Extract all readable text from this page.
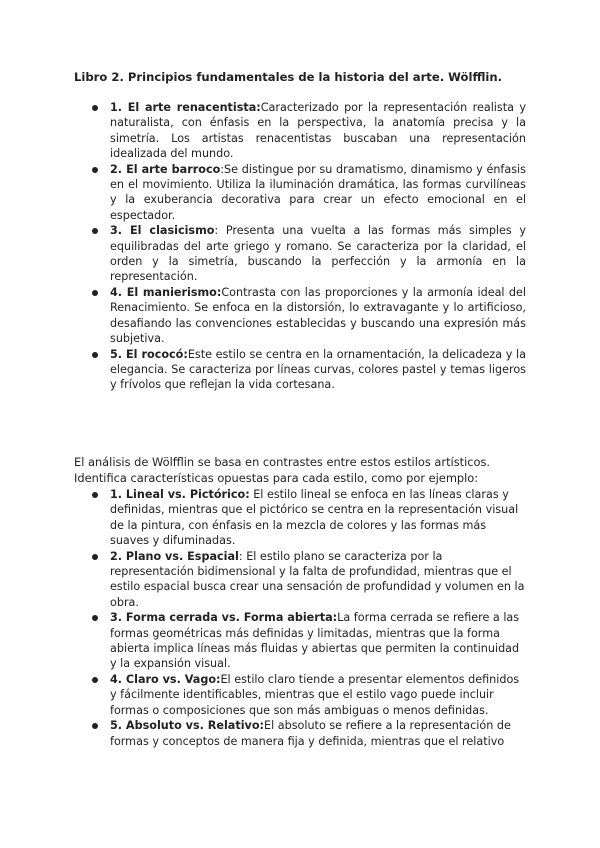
Libro 2. Principios fundamentales de la historia del arte. Wölfflin.
1. El arte renacentista:Caracterizado por la representación realista y naturalista, con énfasis en la perspectiva, la anatomía precisa y la simetría. Los artistas renacentistas buscaban una representación idealizada del mundo.
2. El arte barroco:Se distingue por su dramatismo, dinamismo y énfasis en el movimiento. Utiliza la iluminación dramática, las formas curvilíneas y la exuberancia decorativa para crear un efecto emocional en el espectador.
3. El clasicismo: Presenta una vuelta a las formas más simples y equilibradas del arte griego y romano. Se caracteriza por la claridad, el orden y la simetría, buscando la perfección y la armonía en la representación.
4. El manierismo:Contrasta con las proporciones y la armonía ideal del Renacimiento. Se enfoca en la distorsión, lo extravagante y lo artificioso, desafiando las convenciones establecidas y buscando una expresión más subjetiva.
5. El rococó:Este estilo se centra en la ornamentación, la delicadeza y la elegancia. Se caracteriza por líneas curvas, colores pastel y temas ligeros y frívolos que reflejan la vida cortesana.

El análisis de Wölfflin se basa en contrastes entre estos estilos artísticos. Identifica características opuestas para cada estilo, como por ejemplo:

1. Lineal vs. Pictórico: El estilo lineal se enfoca en las líneas claras y definidas, mientras que el pictórico se centra en la representación visual de la pintura, con énfasis en la mezcla de colores y las formas más suaves y difuminadas.
2. Plano vs. Espacial: El estilo plano se caracteriza por la representación bidimensional y la falta de profundidad, mientras que el estilo espacial busca crear una sensación de profundidad y volumen en la obra.
3. Forma cerrada vs. Forma abierta:La forma cerrada se refiere a las formas geométricas más definidas y limitadas, mientras que la forma abierta implica líneas más fluidas y abiertas que permiten la continuidad y la expansión visual.
4. Claro vs. Vago:El estilo claro tiende a presentar elementos definidos y fácilmente identificables, mientras que el estilo vago puede incluir formas o composiciones que son más ambiguas o menos definidas.
5. Absoluto vs. Relativo:El absoluto se refiere a la representación de formas y conceptos de manera fija y definida, mientras que el relativo
